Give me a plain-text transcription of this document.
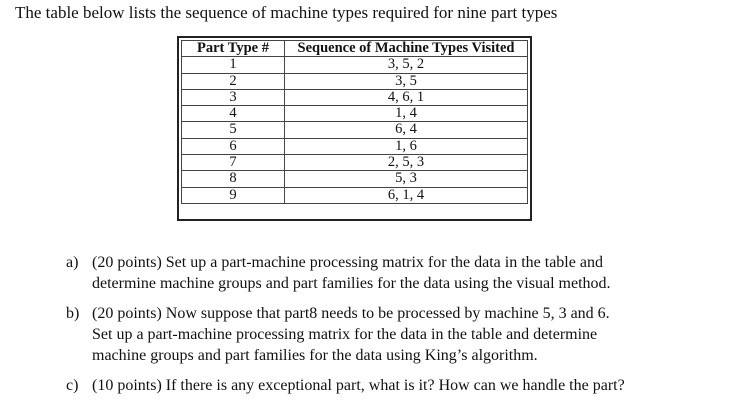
The table below lists the sequence of machine types required for nine part types
Part Type #	Sequence of Machine Types Visited
1	3, 5, 2
2	3, 5
3	4, 6, 1
4	1, 4
5	6, 4
6	1, 6
7	2, 5, 3
8	5, 3
9	6, 1, 4
a) (20 points) Set up a part-machine processing matrix for the data in the table and
determine machine groups and part families for the data using the visual method.
b) (20 points) Now suppose that part8 needs to be processed by machine 5, 3 and 6.
Set up a part-machine processing matrix for the data in the table and determine
machine groups and part families for the data using King’s algorithm.
c) (10 points) If there is any exceptional part, what is it? How can we handle the part?
